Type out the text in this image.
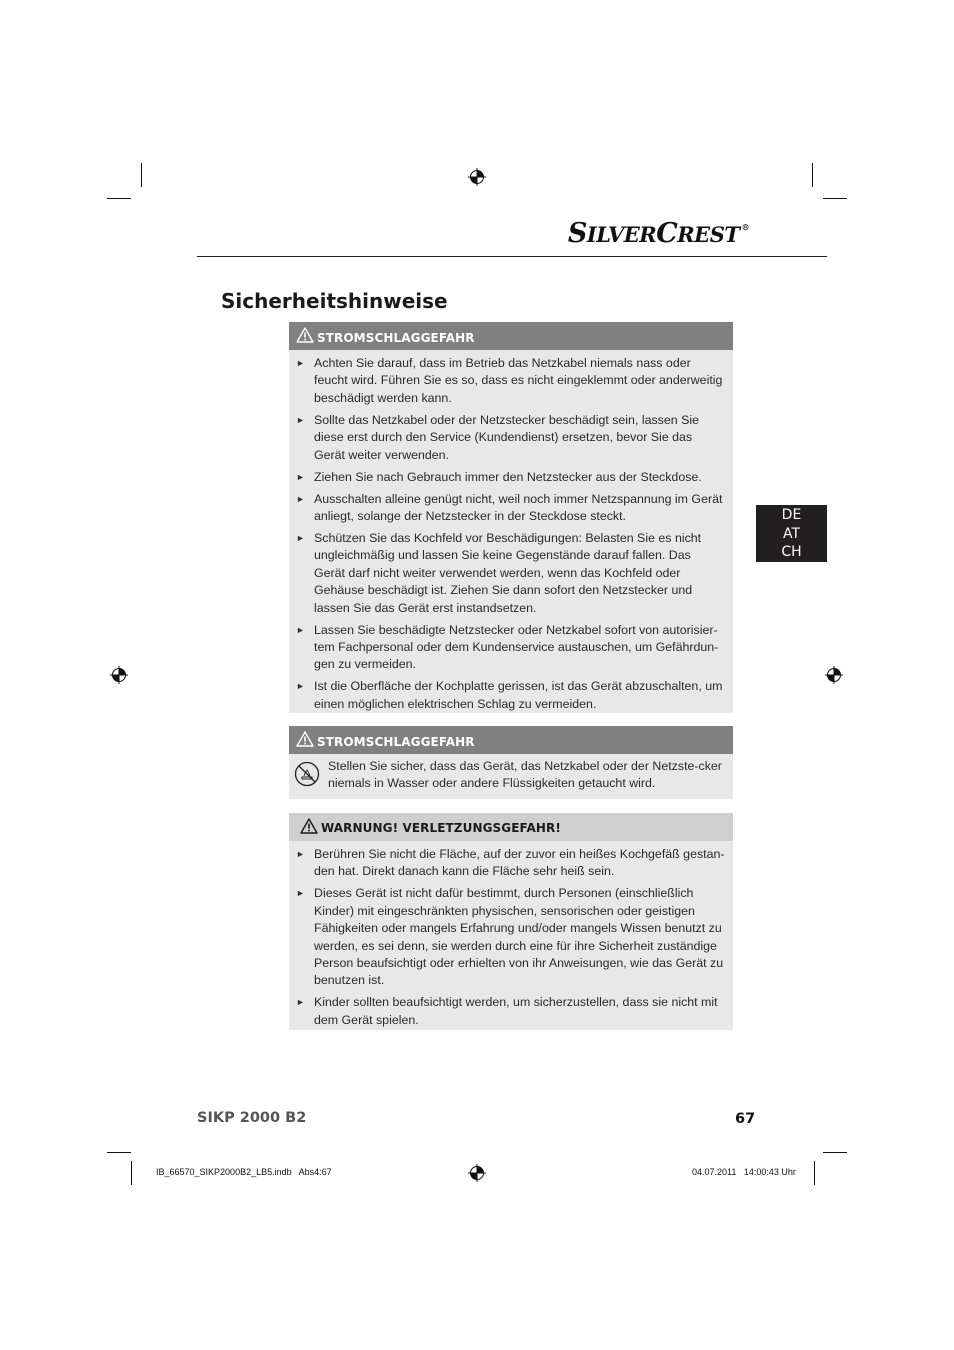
SILVERCREST ®
Sicherheitshinweise
DE
AT
CH
STROMSCHLAGGEFAHR
► Achten Sie darauf, dass im Betrieb das Netzkabel niemals nass oder feucht wird. Führen Sie es so, dass es nicht eingeklemmt oder anderweitig beschädigt werden kann.
► Sollte das Netzkabel oder der Netzstecker beschädigt sein, lassen Sie diese erst durch den Service (Kundendienst) ersetzen, bevor Sie das Gerät weiter verwenden.
► Ziehen Sie nach Gebrauch immer den Netzstecker aus der Steckdose.
► Ausschalten alleine genügt nicht, weil noch immer Netzspannung im Gerät anliegt, solange der Netzstecker in der Steckdose steckt.
► Schützen Sie das Kochfeld vor Beschädigungen: Belasten Sie es nicht ungleichmäßig und lassen Sie keine Gegenstände darauf fallen. Das Gerät darf nicht weiter verwendet werden, wenn das Kochfeld oder Gehäuse beschädigt ist. Ziehen Sie dann sofort den Netzstecker und lassen Sie das Gerät erst instandsetzen.
► Lassen Sie beschädigte Netzstecker oder Netzkabel sofort von autorisier-tem Fachpersonal oder dem Kundenservice austauschen, um Gefährdun-gen zu vermeiden.
► Ist die Oberfläche der Kochplatte gerissen, ist das Gerät abzuschalten, um einen möglichen elektrischen Schlag zu vermeiden.
STROMSCHLAGGEFAHR
Stellen Sie sicher, dass das Gerät, das Netzkabel oder der Netzste-cker niemals in Wasser oder andere Flüssigkeiten getaucht wird.
WARNUNG! VERLETZUNGSGEFAHR!
► Berühren Sie nicht die Fläche, auf der zuvor ein heißes Kochgefäß gestan-den hat. Direkt danach kann die Fläche sehr heiß sein.
► Dieses Gerät ist nicht dafür bestimmt, durch Personen (einschließlich Kinder) mit eingeschränkten physischen, sensorischen oder geistigen Fähigkeiten oder mangels Erfahrung und/oder mangels Wissen benutzt zu werden, es sei denn, sie werden durch eine für ihre Sicherheit zuständige Person beaufsichtigt oder erhielten von ihr Anweisungen, wie das Gerät zu benutzen ist.
► Kinder sollten beaufsichtigt werden, um sicherzustellen, dass sie nicht mit dem Gerät spielen.
SIKP 2000 B2	67
IB_66570_SIKP2000B2_LB5.indb   Abs4:67	04.07.2011   14:00:43 Uhr
